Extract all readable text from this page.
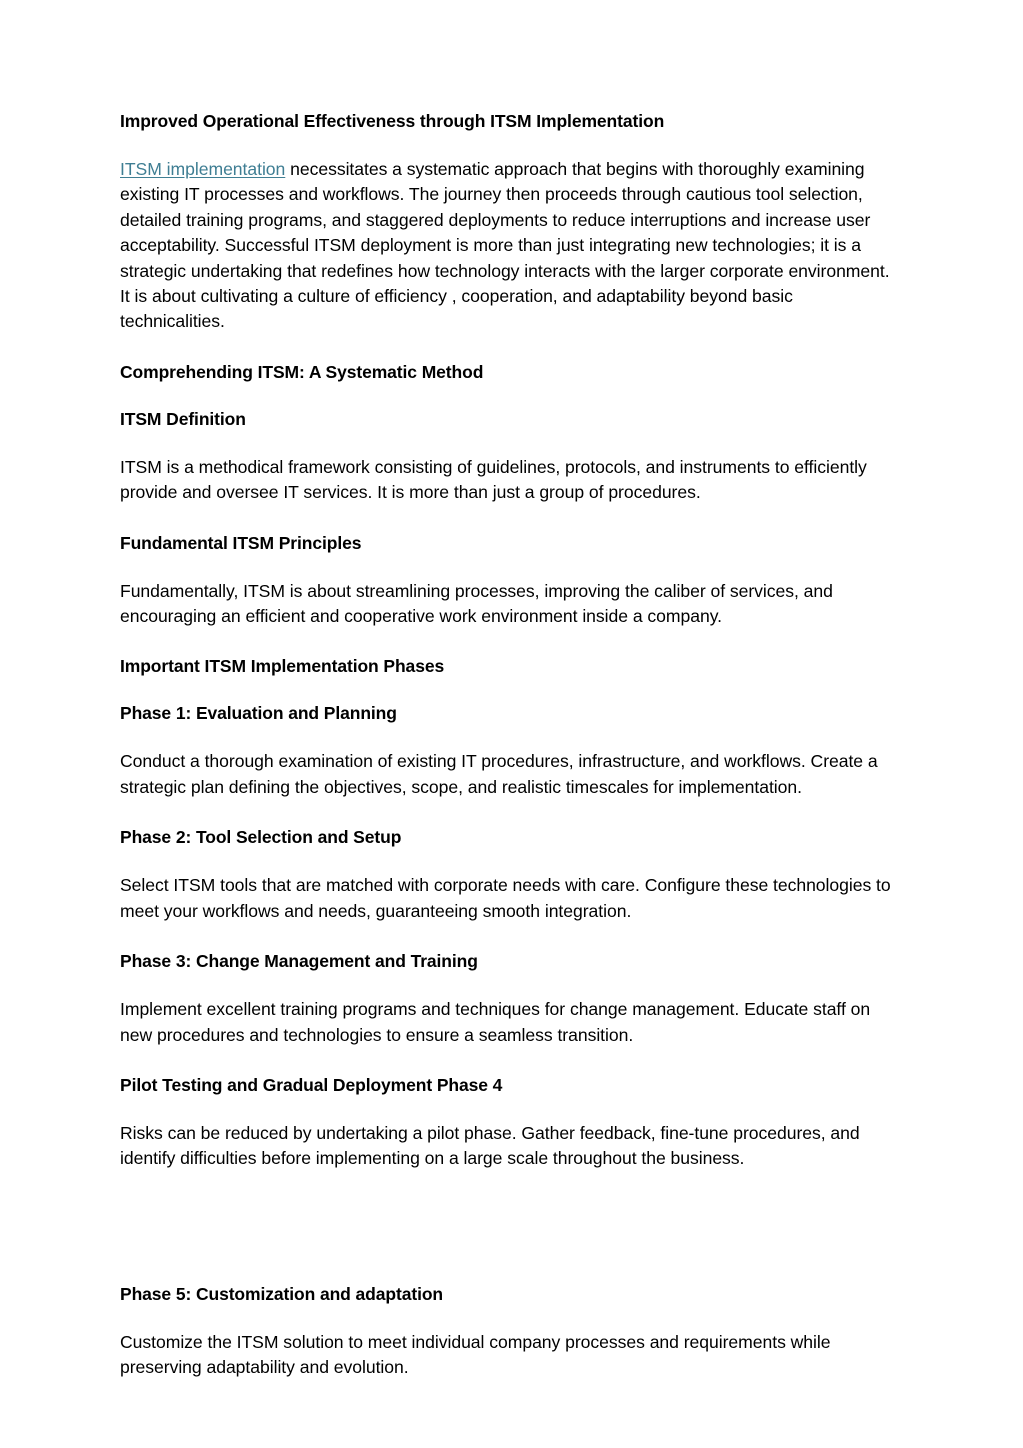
Improved Operational Effectiveness through ITSM Implementation

ITSM implementation necessitates a systematic approach that begins with thoroughly examining existing IT processes and workflows. The journey then proceeds through cautious tool selection, detailed training programs, and staggered deployments to reduce interruptions and increase user acceptability. Successful ITSM deployment is more than just integrating new technologies; it is a strategic undertaking that redefines how technology interacts with the larger corporate environment. It is about cultivating a culture of efficiency , cooperation, and adaptability beyond basic technicalities.

Comprehending ITSM: A Systematic Method
ITSM Definition

ITSM is a methodical framework consisting of guidelines, protocols, and instruments to efficiently provide and oversee IT services. It is more than just a group of procedures.

Fundamental ITSM Principles

Fundamentally, ITSM is about streamlining processes, improving the caliber of services, and encouraging an efficient and cooperative work environment inside a company.

Important ITSM Implementation Phases
Phase 1: Evaluation and Planning

Conduct a thorough examination of existing IT procedures, infrastructure, and workflows. Create a strategic plan defining the objectives, scope, and realistic timescales for implementation.

Phase 2: Tool Selection and Setup

Select ITSM tools that are matched with corporate needs with care. Configure these technologies to meet your workflows and needs, guaranteeing smooth integration.

Phase 3: Change Management and Training

Implement excellent training programs and techniques for change management. Educate staff on new procedures and technologies to ensure a seamless transition.

Pilot Testing and Gradual Deployment Phase 4

Risks can be reduced by undertaking a pilot phase. Gather feedback, fine-tune procedures, and identify difficulties before implementing on a large scale throughout the business.

Phase 5: Customization and adaptation

Customize the ITSM solution to meet individual company processes and requirements while preserving adaptability and evolution.
